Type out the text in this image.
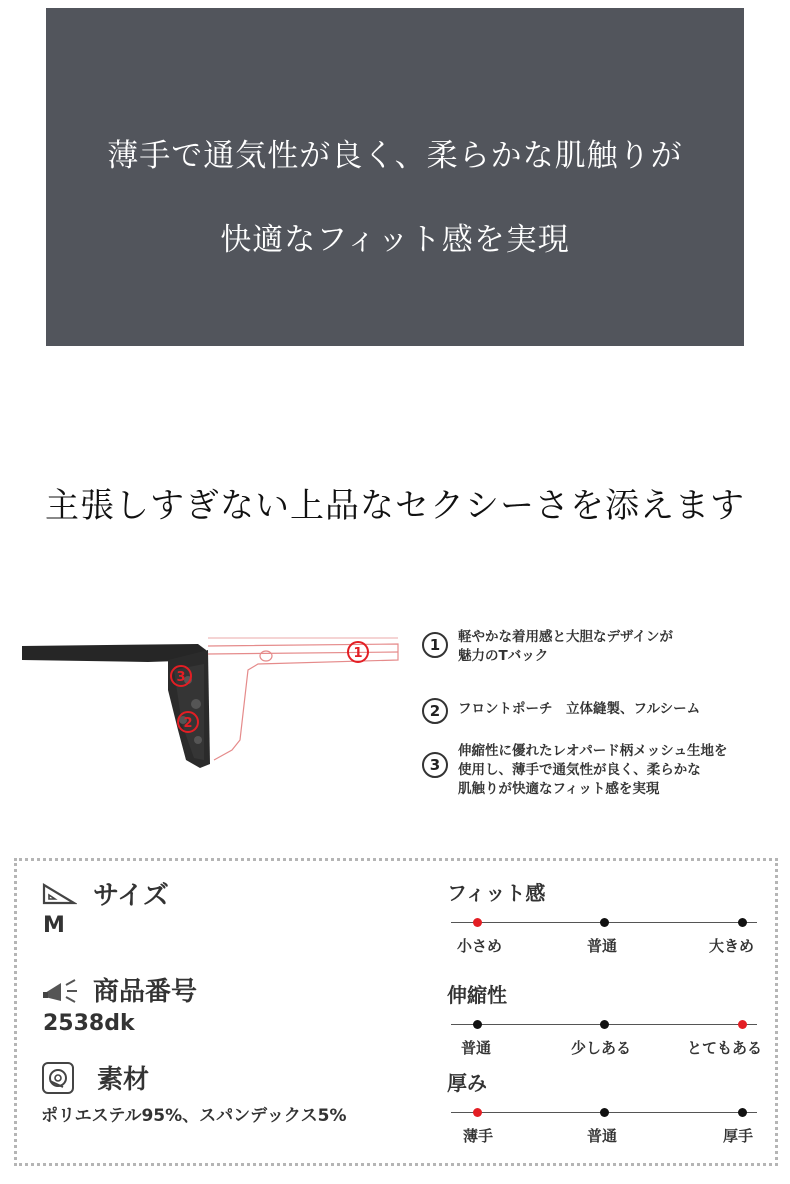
薄手で通気性が良く、柔らかな肌触りが
快適なフィット感を実現
主張しすぎない上品なセクシーさを添えます
1
3
2
1	軽やかな着用感と大胆なデザインが
魅力のTバック
2	フロントポーチ　立体縫製、フルシーム
3
伸縮性に優れたレオパード柄メッシュ生地を
使用し、薄手で通気性が良く、柔らかな
肌触りが快適なフィット感を実現
サイズ
M
商品番号
2538dk
素材
ポリエステル95%、スパンデックス5%
フィット感
小さめ	普通	大きめ
伸縮性
普通	少しある	とてもある
厚み
薄手	普通	厚手
